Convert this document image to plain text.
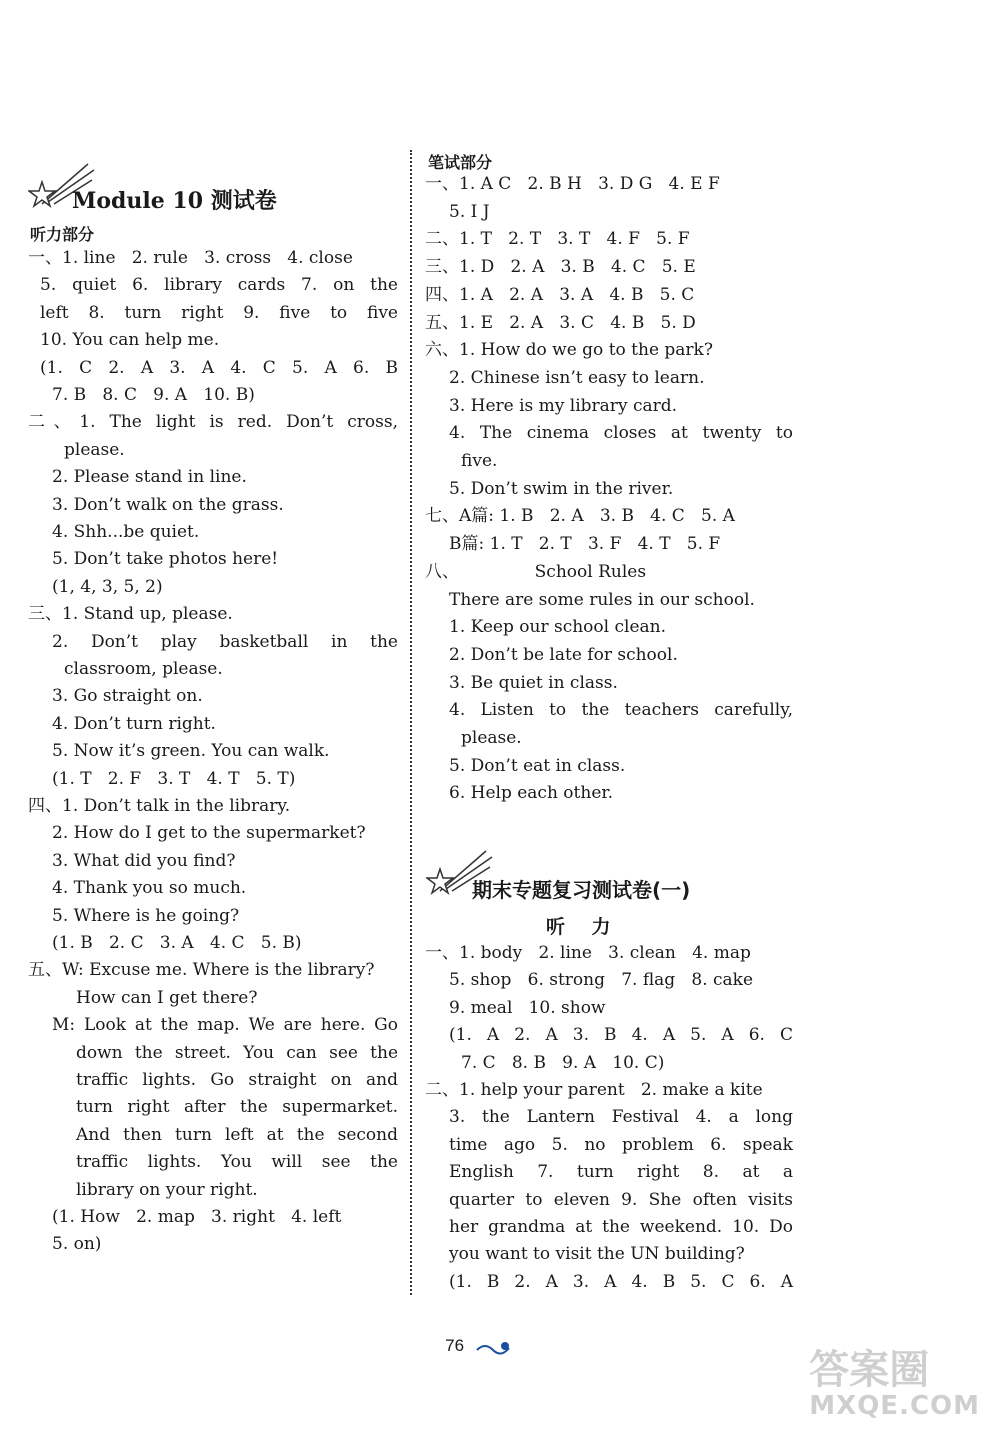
Module 10 测试卷
听力部分
笔试部分
一、1. line   2. rule   3. cross   4. close
5. quiet 6. library cards 7. on the
left 8. turn right 9. five to five
10. You can help me.
(1. C 2. A 3. A 4. C 5. A 6. B
7. B   8. C   9. A   10. B)
二、1. The light is red. Don’t cross,
please.
2. Please stand in line.
3. Don’t walk on the grass.
4. Shh...be quiet.
5. Don’t take photos here!
(1, 4, 3, 5, 2)
三、1. Stand up, please.
2. Don’t play basketball in the
classroom, please.
3. Go straight on.
4. Don’t turn right.
5. Now it’s green. You can walk.
(1. T   2. F   3. T   4. T   5. T)
四、1. Don’t talk in the library.
2. How do I get to the supermarket?
3. What did you find?
4. Thank you so much.
5. Where is he going?
(1. B   2. C   3. A   4. C   5. B)
五、W: Excuse me. Where is the library?
How can I get there?
M: Look at the map. We are here. Go
down the street. You can see the
traffic lights. Go straight on and
turn right after the supermarket.
And then turn left at the second
traffic lights. You will see the
library on your right.
(1. How   2. map   3. right   4. left
5. on)
一、1. A C   2. B H   3. D G   4. E F
5. I J
二、1. T   2. T   3. T   4. F   5. F
三、1. D   2. A   3. B   4. C   5. E
四、1. A   2. A   3. A   4. B   5. C
五、1. E   2. A   3. C   4. B   5. D
六、1. How do we go to the park?
2. Chinese isn’t easy to learn.
3. Here is my library card.
4. The cinema closes at twenty to
five.
5. Don’t swim in the river.
七、A篇: 1. B   2. A   3. B   4. C   5. A
B篇: 1. T   2. T   3. F   4. T   5. F
八、              School Rules
There are some rules in our school.
1. Keep our school clean.
2. Don’t be late for school.
3. Be quiet in class.
4. Listen to the teachers carefully,
please.
5. Don’t eat in class.
6. Help each other.
一、1. body   2. line   3. clean   4. map
5. shop   6. strong   7. flag   8. cake
9. meal   10. show
(1. A 2. A 3. B 4. A 5. A 6. C
7. C   8. B   9. A   10. C)
二、1. help your parent   2. make a kite
3. the Lantern Festival 4. a long
time ago 5. no problem 6. speak
English 7. turn right 8. at a
quarter to eleven 9. She often visits
her grandma at the weekend. 10. Do
you want to visit the UN building?
(1. B 2. A 3. A 4. B 5. C 6. A
期末专题复习测试卷(一)
听    力
76
答案圈
MXQE.COM
